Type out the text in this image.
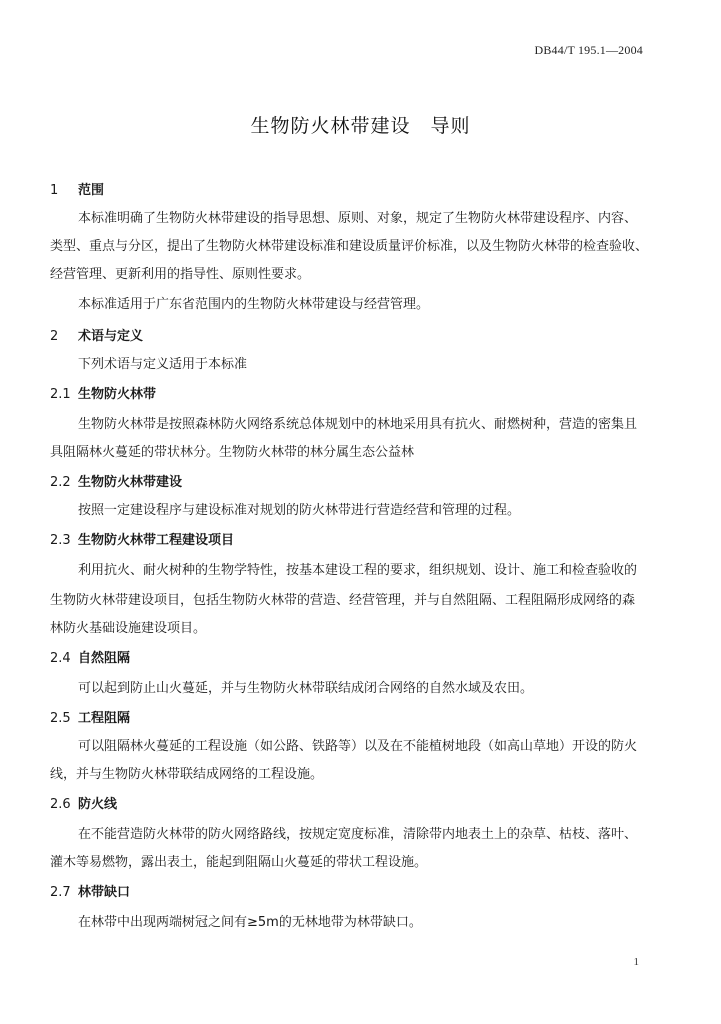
DB44/T 195.1—2004
生物防火林带建设　导则
1 范围
本标准明确了生物防火林带建设的指导思想、原则、对象，规定了生物防火林带建设程序、内容、
类型、重点与分区，提出了生物防火林带建设标准和建设质量评价标准，以及生物防火林带的检查验收、
经营管理、更新利用的指导性、原则性要求。
本标准适用于广东省范围内的生物防火林带建设与经营管理。
2 术语与定义
下列术语与定义适用于本标准
2.1 生物防火林带
生物防火林带是按照森林防火网络系统总体规划中的林地采用具有抗火、耐燃树种，营造的密集且
具阻隔林火蔓延的带状林分。生物防火林带的林分属生态公益林
2.2 生物防火林带建设
按照一定建设程序与建设标准对规划的防火林带进行营造经营和管理的过程。
2.3 生物防火林带工程建设项目
利用抗火、耐火树种的生物学特性，按基本建设工程的要求，组织规划、设计、施工和检查验收的
生物防火林带建设项目，包括生物防火林带的营造、经营管理，并与自然阻隔、工程阻隔形成网络的森
林防火基础设施建设项目。
2.4 自然阻隔
可以起到防止山火蔓延，并与生物防火林带联结成闭合网络的自然水域及农田。
2.5 工程阻隔
可以阻隔林火蔓延的工程设施（如公路、铁路等）以及在不能植树地段（如高山草地）开设的防火
线，并与生物防火林带联结成网络的工程设施。
2.6 防火线
在不能营造防火林带的防火网络路线，按规定宽度标准，清除带内地表土上的杂草、枯枝、落叶、
灌木等易燃物，露出表土，能起到阻隔山火蔓延的带状工程设施。
2.7 林带缺口
在林带中出现两端树冠之间有≥5m的无林地带为林带缺口。
1
